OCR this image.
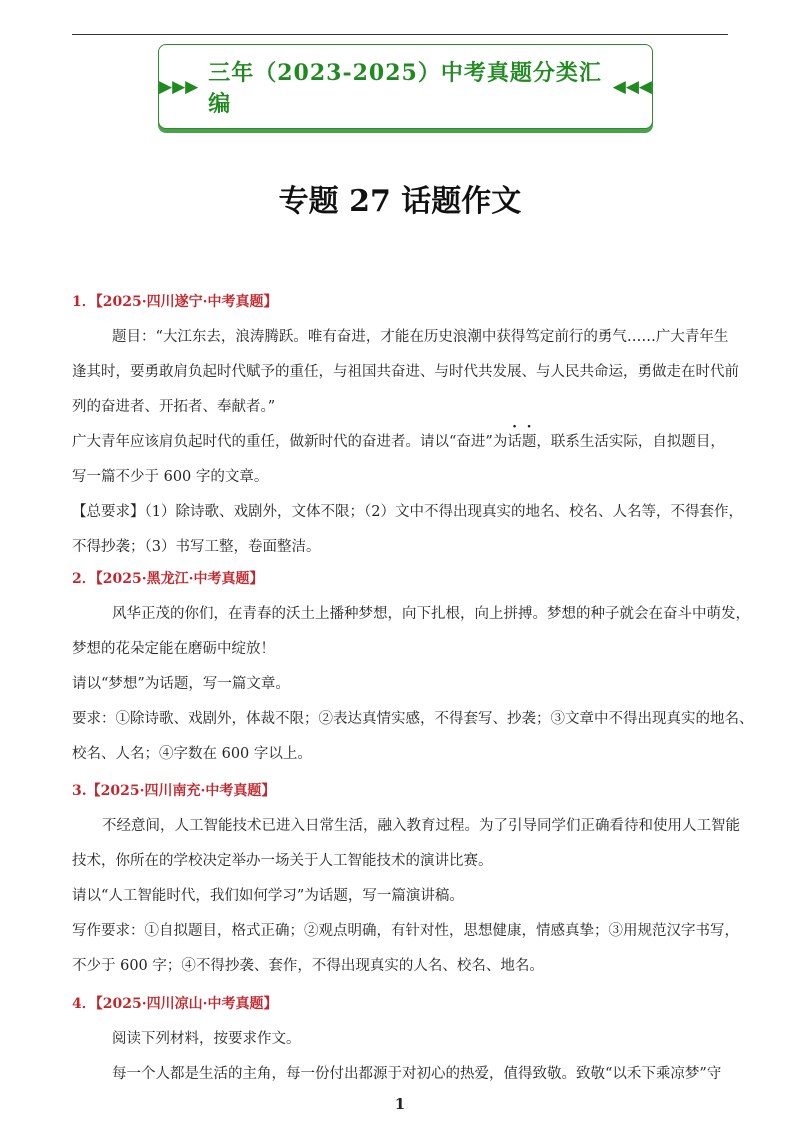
▶▶▶
三年（2023-2025）中考真题分类汇编
◀◀◀
专题 27 话题作文
1．【2025·四川遂宁·中考真题】
题目：“大江东去，浪涛腾跃。唯有奋进，才能在历史浪潮中获得笃定前行的勇气……广大青年生
逢其时，要勇敢肩负起时代赋予的重任，与祖国共奋进、与时代共发展、与人民共命运，勇做走在时代前
列的奋进者、开拓者、奉献者。”
广大青年应该肩负起时代的重任，做新时代的奋进者。请以“奋进”为话题，联系生活实际，自拟题目，
写一篇不少于 600 字的文章。
【总要求】（1）除诗歌、戏剧外，文体不限；（2）文中不得出现真实的地名、校名、人名等，不得套作，
不得抄袭；（3）书写工整，卷面整洁。
2．【2025·黑龙江·中考真题】
风华正茂的你们，在青春的沃土上播种梦想，向下扎根，向上拼搏。梦想的种子就会在奋斗中萌发，
梦想的花朵定能在磨砺中绽放！
请以“梦想”为话题，写一篇文章。
要求：①除诗歌、戏剧外，体裁不限；②表达真情实感，不得套写、抄袭；③文章中不得出现真实的地名、
校名、人名；④字数在 600 字以上。
3.【2025·四川南充·中考真题】
不经意间，人工智能技术已进入日常生活，融入教育过程。为了引导同学们正确看待和使用人工智能
技术，你所在的学校决定举办一场关于人工智能技术的演讲比赛。
请以“人工智能时代，我们如何学习”为话题，写一篇演讲稿。
写作要求：①自拟题目，格式正确；②观点明确，有针对性，思想健康，情感真挚；③用规范汉字书写，
不少于 600 字；④不得抄袭、套作，不得出现真实的人名、校名、地名。
4．【2025·四川凉山·中考真题】
阅读下列材料，按要求作文。
每一个人都是生活的主角，每一份付出都源于对初心的热爱，值得致敬。致敬“以禾下乘凉梦”守
1
